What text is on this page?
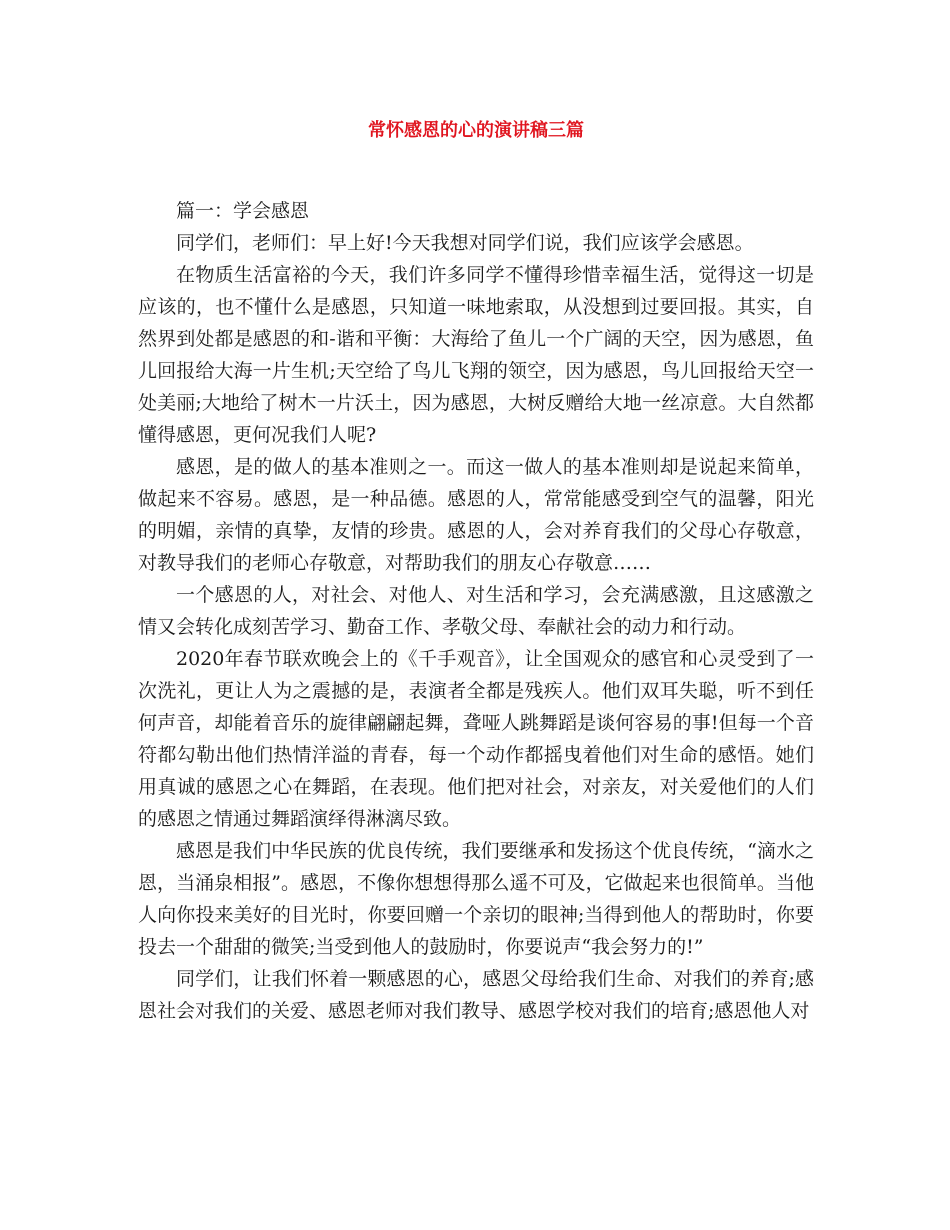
常怀感恩的心的演讲稿三篇

篇一：学会感恩

同学们，老师们：早上好!今天我想对同学们说，我们应该学会感恩。

在物质生活富裕的今天，我们许多同学不懂得珍惜幸福生活，觉得这一切是应该的，也不懂什么是感恩，只知道一味地索取，从没想到过要回报。其实，自然界到处都是感恩的和-谐和平衡：大海给了鱼儿一个广阔的天空，因为感恩，鱼儿回报给大海一片生机;天空给了鸟儿飞翔的领空，因为感恩，鸟儿回报给天空一处美丽;大地给了树木一片沃土，因为感恩，大树反赠给大地一丝凉意。大自然都懂得感恩，更何况我们人呢?

感恩，是的做人的基本准则之一。而这一做人的基本准则却是说起来简单，做起来不容易。感恩，是一种品德。感恩的人，常常能感受到空气的温馨，阳光的明媚，亲情的真挚，友情的珍贵。感恩的人，会对养育我们的父母心存敬意，对教导我们的老师心存敬意，对帮助我们的朋友心存敬意……

一个感恩的人，对社会、对他人、对生活和学习，会充满感激，且这感激之情又会转化成刻苦学习、勤奋工作、孝敬父母、奉献社会的动力和行动。

2020年春节联欢晚会上的《千手观音》，让全国观众的感官和心灵受到了一次洗礼，更让人为之震撼的是，表演者全都是残疾人。他们双耳失聪，听不到任何声音，却能着音乐的旋律翩翩起舞，聋哑人跳舞蹈是谈何容易的事!但每一个音符都勾勒出他们热情洋溢的青春，每一个动作都摇曳着他们对生命的感悟。她们用真诚的感恩之心在舞蹈，在表现。他们把对社会，对亲友，对关爱他们的人们的感恩之情通过舞蹈演绎得淋漓尽致。

感恩是我们中华民族的优良传统，我们要继承和发扬这个优良传统，“滴水之恩，当涌泉相报”。感恩，不像你想想得那么遥不可及，它做起来也很简单。当他人向你投来美好的目光时，你要回赠一个亲切的眼神;当得到他人的帮助时，你要投去一个甜甜的微笑;当受到他人的鼓励时，你要说声“我会努力的!”

同学们，让我们怀着一颗感恩的心，感恩父母给我们生命、对我们的养育;感恩社会对我们的关爱、感恩老师对我们教导、感恩学校对我们的培育;感恩他人对
